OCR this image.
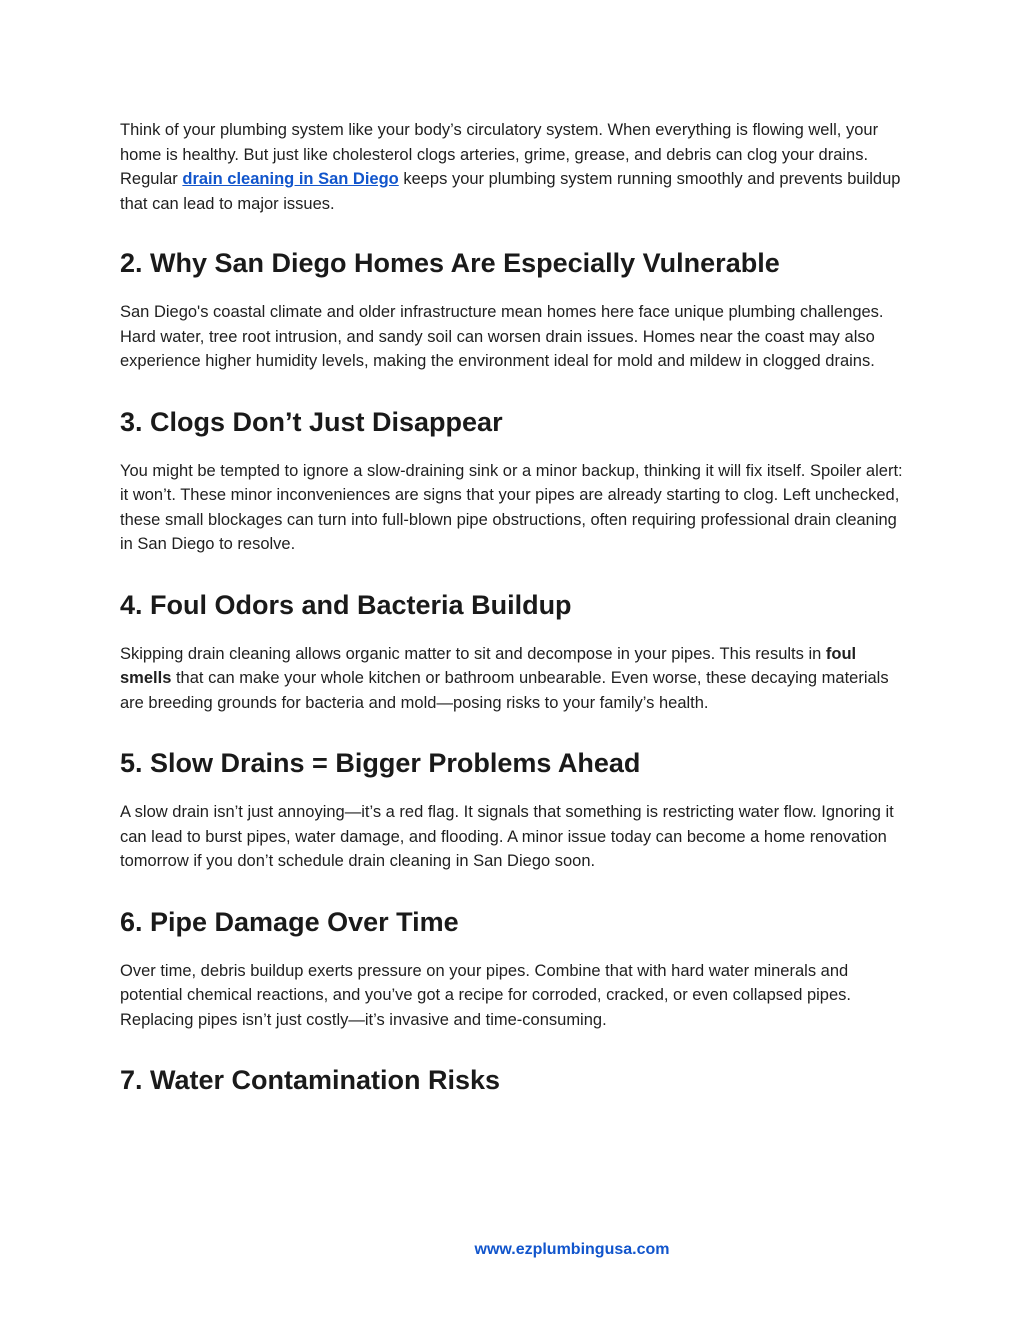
Think of your plumbing system like your body’s circulatory system. When everything is flowing well, your home is healthy. But just like cholesterol clogs arteries, grime, grease, and debris can clog your drains. Regular drain cleaning in San Diego keeps your plumbing system running smoothly and prevents buildup that can lead to major issues.

2. Why San Diego Homes Are Especially Vulnerable

San Diego's coastal climate and older infrastructure mean homes here face unique plumbing challenges. Hard water, tree root intrusion, and sandy soil can worsen drain issues. Homes near the coast may also experience higher humidity levels, making the environment ideal for mold and mildew in clogged drains.

3. Clogs Don’t Just Disappear

You might be tempted to ignore a slow-draining sink or a minor backup, thinking it will fix itself. Spoiler alert: it won’t. These minor inconveniences are signs that your pipes are already starting to clog. Left unchecked, these small blockages can turn into full-blown pipe obstructions, often requiring professional drain cleaning in San Diego to resolve.

4. Foul Odors and Bacteria Buildup

Skipping drain cleaning allows organic matter to sit and decompose in your pipes. This results in foul smells that can make your whole kitchen or bathroom unbearable. Even worse, these decaying materials are breeding grounds for bacteria and mold—posing risks to your family’s health.

5. Slow Drains = Bigger Problems Ahead

A slow drain isn’t just annoying—it’s a red flag. It signals that something is restricting water flow. Ignoring it can lead to burst pipes, water damage, and flooding. A minor issue today can become a home renovation tomorrow if you don’t schedule drain cleaning in San Diego soon.

6. Pipe Damage Over Time

Over time, debris buildup exerts pressure on your pipes. Combine that with hard water minerals and potential chemical reactions, and you’ve got a recipe for corroded, cracked, or even collapsed pipes. Replacing pipes isn’t just costly—it’s invasive and time-consuming.

7. Water Contamination Risks
www.ezplumbingusa.com
